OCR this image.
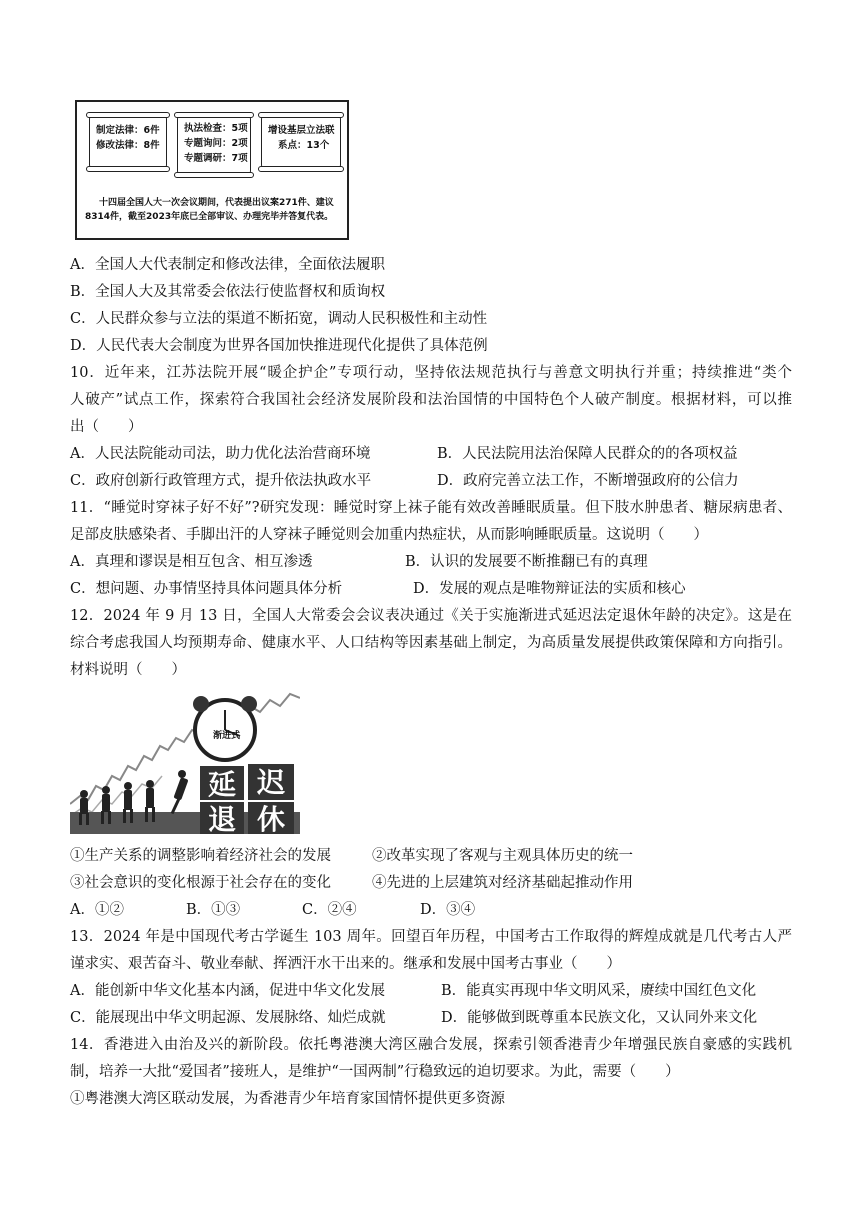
制定法律：6件
修改法律：8件
执法检查：5项
专题询问：2项
专题调研：7项
增设基层立法联
系点：13个
十四届全国人大一次会议期间，代表提出议案271件、建议
8314件，截至2023年底已全部审议、办理完毕并答复代表。
A．全国人大代表制定和修改法律，全面依法履职
B．全国人大及其常委会依法行使监督权和质询权
C．人民群众参与立法的渠道不断拓宽，调动人民积极性和主动性
D．人民代表大会制度为世界各国加快推进现代化提供了具体范例
10．近年来，江苏法院开展“暖企护企”专项行动，坚持依法规范执行与善意文明执行并重；持续推进“类个
人破产”试点工作，探索符合我国社会经济发展阶段和法治国情的中国特色个人破产制度。根据材料，可以推
出（　　）
A．人民法院能动司法，助力优化法治营商环境	B．人民法院用法治保障人民群众的的各项权益
C．政府创新行政管理方式，提升依法执政水平	D．政府完善立法工作，不断增强政府的公信力
11．“睡觉时穿袜子好不好”?研究发现：睡觉时穿上袜子能有效改善睡眠质量。但下肢水肿患者、糖尿病患者、
足部皮肤感染者、手脚出汗的人穿袜子睡觉则会加重内热症状，从而影响睡眠质量。这说明（　　）
A．真理和谬误是相互包含、相互渗透	B．认识的发展要不断推翻已有的真理
C．想问题、办事情坚持具体问题具体分析	D．发展的观点是唯物辩证法的实质和核心
12．2024 年 9 月 13 日，全国人大常委会会议表决通过《关于实施渐进式延迟法定退休年龄的决定》。这是在
综合考虑我国人均预期寿命、健康水平、人口结构等因素基础上制定，为高质量发展提供政策保障和方向指引。
材料说明（　　）
渐进式
延 迟
退 休
①生产关系的调整影响着经济社会的发展	②改革实现了客观与主观具体历史的统一
③社会意识的变化根源于社会存在的变化	④先进的上层建筑对经济基础起推动作用
A．①②	B．①③	C．②④	D．③④
13．2024 年是中国现代考古学诞生 103 周年。回望百年历程，中国考古工作取得的辉煌成就是几代考古人严
谨求实、艰苦奋斗、敬业奉献、挥洒汗水干出来的。继承和发展中国考古事业（　　）
A．能创新中华文化基本内涵，促进中华文化发展	B．能真实再现中华文明风采，赓续中国红色文化
C．能展现出中华文明起源、发展脉络、灿烂成就	D．能够做到既尊重本民族文化，又认同外来文化
14．香港进入由治及兴的新阶段。依托粤港澳大湾区融合发展，探索引领香港青少年增强民族自豪感的实践机
制，培养一大批“爱国者”接班人，是维护“一国两制”行稳致远的迫切要求。为此，需要（　　）
①粤港澳大湾区联动发展，为香港青少年培育家国情怀提供更多资源
